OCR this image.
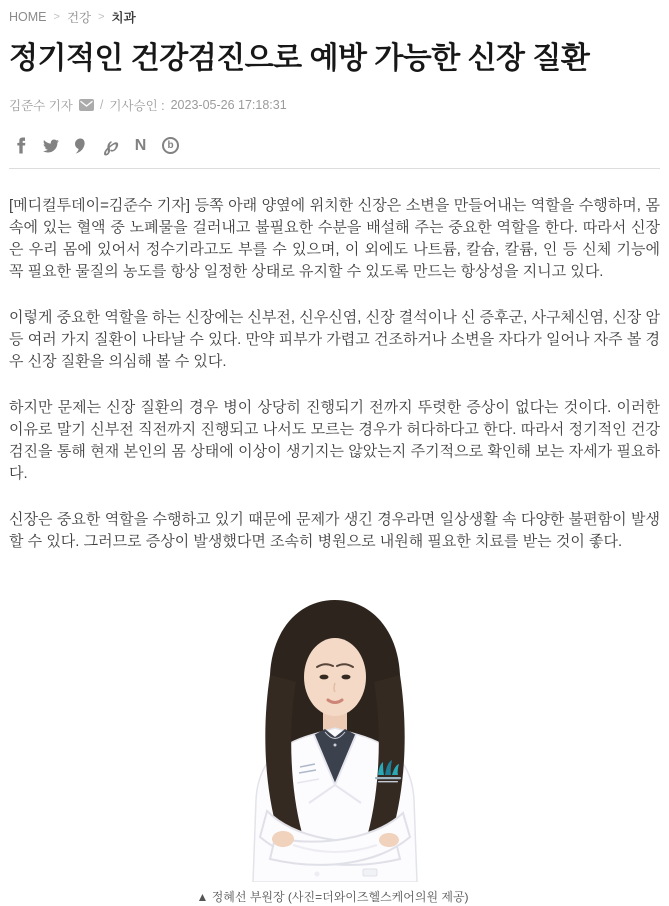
HOME > 건강 > 치과
정기적인 건강검진으로 예방 가능한 신장 질환
김준수 기자 / 기사승인 : 2023-05-26 17:18:31
℘ N	b

[메디컬투데이=김준수 기자] 등쪽 아래 양옆에 위치한 신장은 소변을 만들어내는 역할을 수행하며, 몸속에 있는 혈액 중 노폐물을 걸러내고 불필요한 수분을 배설해 주는 중요한 역할을 한다. 따라서 신장은 우리 몸에 있어서 정수기라고도 부를 수 있으며, 이 외에도 나트륨, 칼슘, 칼륨, 인 등 신체 기능에 꼭 필요한 물질의 농도를 항상 일정한 상태로 유지할 수 있도록 만드는 항상성을 지니고 있다.

이렇게 중요한 역할을 하는 신장에는 신부전, 신우신염, 신장 결석이나 신 증후군, 사구체신염, 신장 암 등 여러 가지 질환이 나타날 수 있다. 만약 피부가 가렵고 건조하거나 소변을 자다가 일어나 자주 볼 경우 신장 질환을 의심해 볼 수 있다.

하지만 문제는 신장 질환의 경우 병이 상당히 진행되기 전까지 뚜렷한 증상이 없다는 것이다. 이러한 이유로 말기 신부전 직전까지 진행되고 나서도 모르는 경우가 허다하다고 한다. 따라서 정기적인 건강검진을 통해 현재 본인의 몸 상태에 이상이 생기지는 않았는지 주기적으로 확인해 보는 자세가 필요하다.

신장은 중요한 역할을 수행하고 있기 때문에 문제가 생긴 경우라면 일상생활 속 다양한 불편함이 발생할 수 있다. 그러므로 증상이 발생했다면 조속히 병원으로 내원해 필요한 치료를 받는 것이 좋다.

▲ 정혜선 부원장 (사진=더와이즈헬스케어의원 제공)
